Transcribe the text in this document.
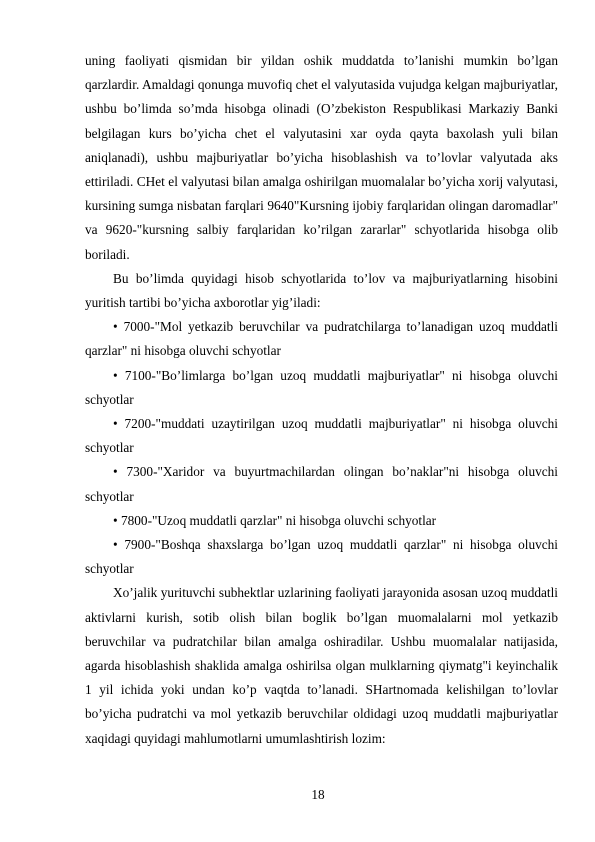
uning faoliyati qismidan bir yildan oshik muddatda to’lanishi mumkin bo’lgan qarzlardir. Amaldagi qonunga muvofiq chet el valyutasida vujudga kelgan majburiyatlar, ushbu bo’limda so’mda hisobga olinadi (O’zbekiston Respublikasi Markaziy Banki belgilagan kurs bo’yicha chet el valyutasini xar oyda qayta baxolash yuli bilan aniqlanadi), ushbu majburiyatlar bo’yicha hisoblashish va to’lovlar valyutada aks ettiriladi. CHet el valyutasi bilan amalga oshirilgan muomalalar bo’yicha xorij valyutasi, kursining sumga nisbatan farqlari 9640"Kursning ijobiy farqlaridan olingan daromadlar" va 9620-"kursning salbiy farqlaridan ko’rilgan zararlar" schyotlarida hisobga olib boriladi.

Bu bo’limda quyidagi hisob schyotlarida to’lov va majburiyatlarning hisobini yuritish tartibi bo’yicha axborotlar yig’iladi:

• 7000-"Mol yetkazib beruvchilar va pudratchilarga to’lanadigan uzoq muddatli qarzlar" ni hisobga oluvchi schyotlar

• 7100-"Bo’limlarga bo’lgan uzoq muddatli majburiyatlar" ni hisobga oluvchi schyotlar

• 7200-"muddati uzaytirilgan uzoq muddatli majburiyatlar" ni hisobga oluvchi schyotlar

• 7300-"Xaridor va buyurtmachilardan olingan bo’naklar"ni hisobga oluvchi schyotlar

• 7800-"Uzoq muddatli qarzlar" ni hisobga oluvchi schyotlar

• 7900-"Boshqa shaxslarga bo’lgan uzoq muddatli qarzlar" ni hisobga oluvchi schyotlar

Xo’jalik yurituvchi subhektlar uzlarining faoliyati jarayonida asosan uzoq muddatli aktivlarni kurish, sotib olish bilan boglik bo’lgan muomalalarni mol yetkazib beruvchilar va pudratchilar bilan amalga oshiradilar. Ushbu muomalalar natijasida, agarda hisoblashish shaklida amalga oshirilsa olgan mulklarning qiymatg"i keyinchalik 1 yil ichida yoki undan ko’p vaqtda to’lanadi. SHartnomada kelishilgan to’lovlar bo’yicha pudratchi va mol yetkazib beruvchilar oldidagi uzoq muddatli majburiyatlar xaqidagi quyidagi mahlumotlarni umumlashtirish lozim:

18
